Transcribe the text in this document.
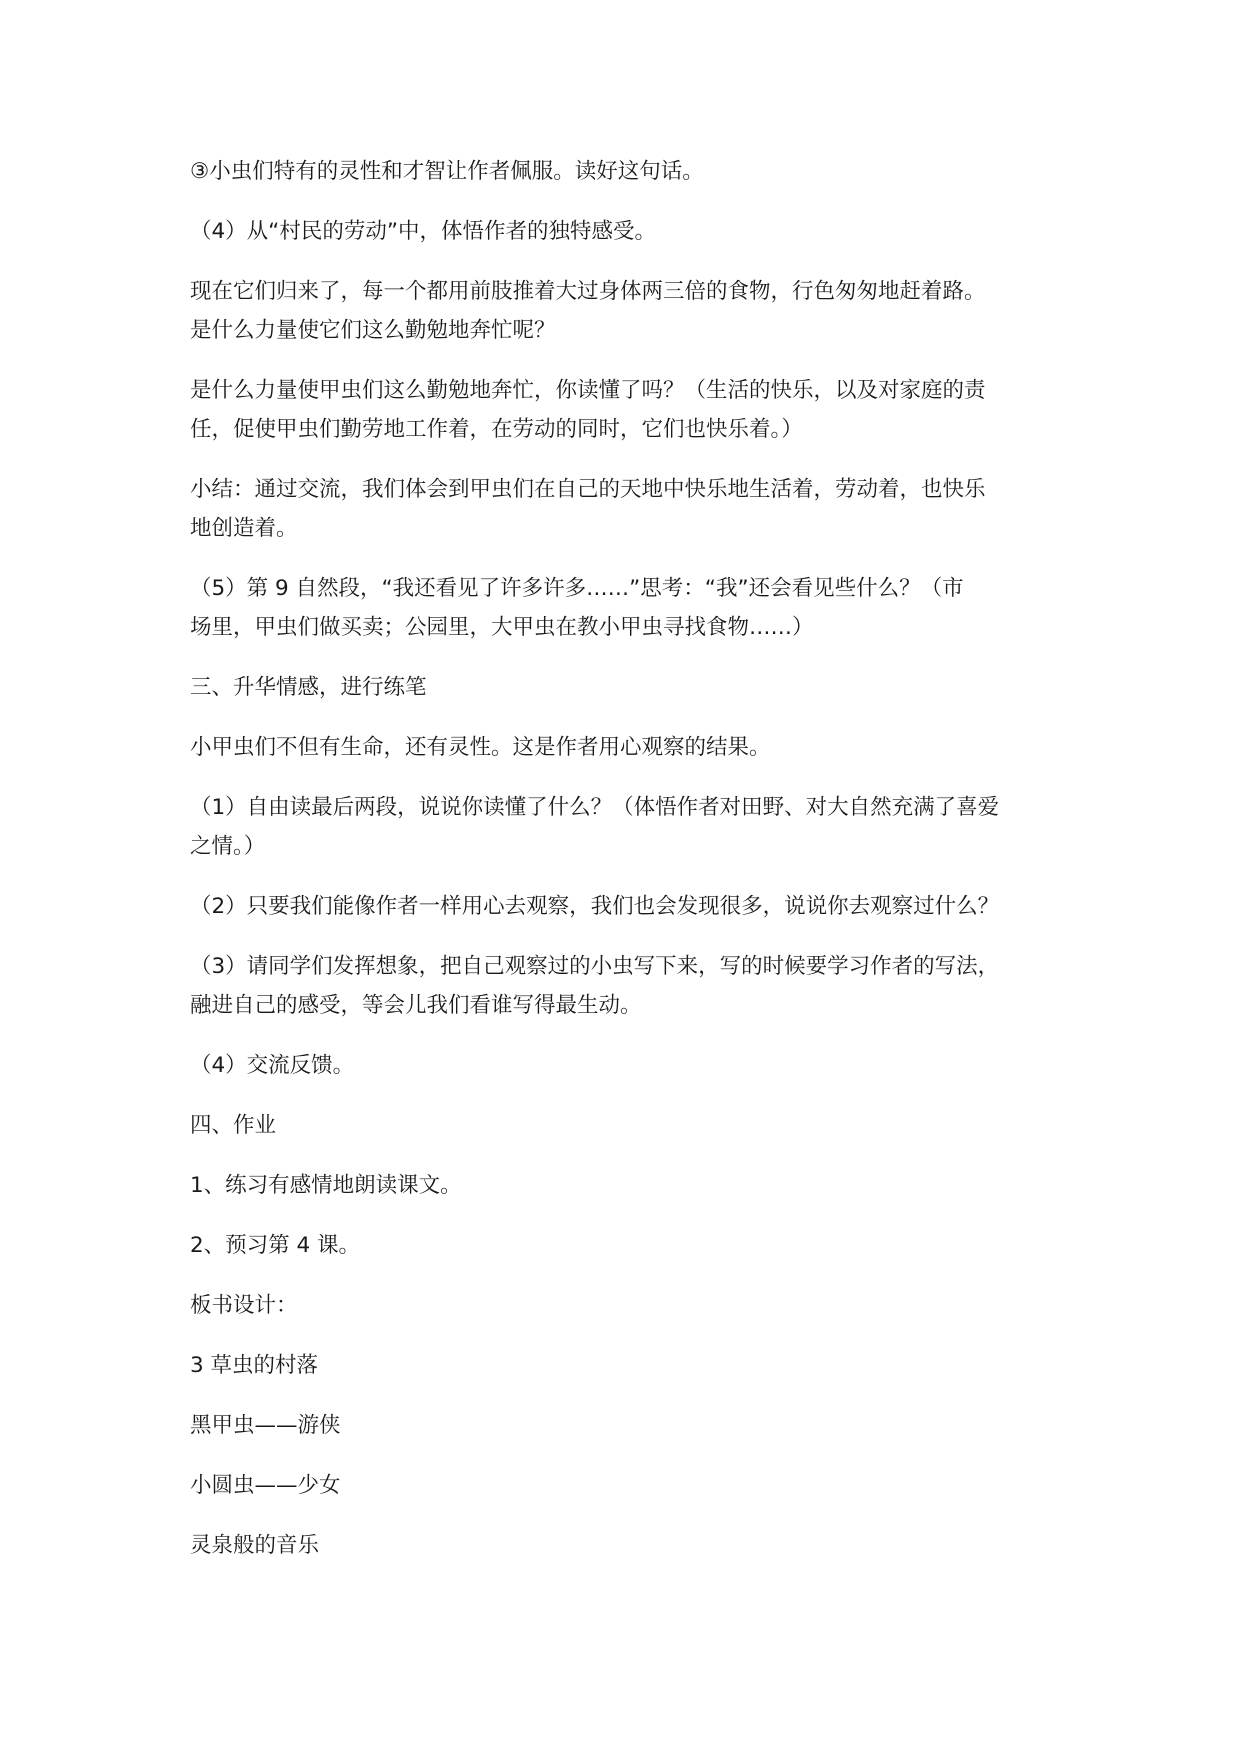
③小虫们特有的灵性和才智让作者佩服。读好这句话。

（4）从“村民的劳动”中，体悟作者的独特感受。

现在它们归来了，每一个都用前肢推着大过身体两三倍的食物，行色匆匆地赶着路。
是什么力量使它们这么勤勉地奔忙呢？

是什么力量使甲虫们这么勤勉地奔忙，你读懂了吗？（生活的快乐，以及对家庭的责
任，促使甲虫们勤劳地工作着，在劳动的同时，它们也快乐着。）

小结：通过交流，我们体会到甲虫们在自己的天地中快乐地生活着，劳动着，也快乐
地创造着。

（5）第 9 自然段，“我还看见了许多许多……”思考：“我”还会看见些什么？（市
场里，甲虫们做买卖；公园里，大甲虫在教小甲虫寻找食物……）

三、升华情感，进行练笔

小甲虫们不但有生命，还有灵性。这是作者用心观察的结果。

（1）自由读最后两段，说说你读懂了什么？（体悟作者对田野、对大自然充满了喜爱
之情。）

（2）只要我们能像作者一样用心去观察，我们也会发现很多，说说你去观察过什么？

（3）请同学们发挥想象，把自己观察过的小虫写下来，写的时候要学习作者的写法，
融进自己的感受，等会儿我们看谁写得最生动。

（4）交流反馈。

四、作业

1、练习有感情地朗读课文。

2、预习第 4 课。

板书设计：

3 草虫的村落

黑甲虫——游侠

小圆虫——少女

灵泉般的音乐
